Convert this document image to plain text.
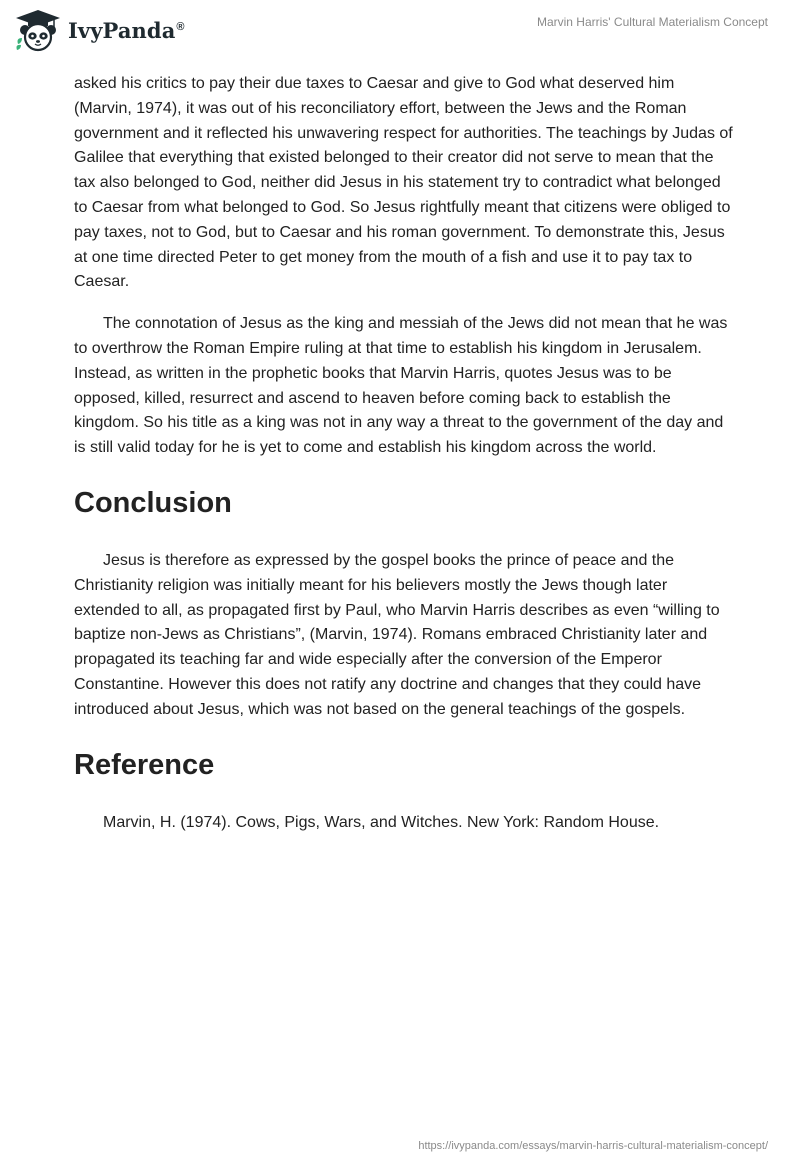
IvyPanda®	Marvin Harris' Cultural Materialism Concept

asked his critics to pay their due taxes to Caesar and give to God what deserved him (Marvin, 1974), it was out of his reconciliatory effort, between the Jews and the Roman government and it reflected his unwavering respect for authorities. The teachings by Judas of Galilee that everything that existed belonged to their creator did not serve to mean that the tax also belonged to God, neither did Jesus in his statement try to contradict what belonged to Caesar from what belonged to God. So Jesus rightfully meant that citizens were obliged to pay taxes, not to God, but to Caesar and his roman government. To demonstrate this, Jesus at one time directed Peter to get money from the mouth of a fish and use it to pay tax to Caesar.

The connotation of Jesus as the king and messiah of the Jews did not mean that he was to overthrow the Roman Empire ruling at that time to establish his kingdom in Jerusalem. Instead, as written in the prophetic books that Marvin Harris, quotes Jesus was to be opposed, killed, resurrect and ascend to heaven before coming back to establish the kingdom. So his title as a king was not in any way a threat to the government of the day and is still valid today for he is yet to come and establish his kingdom across the world.

Conclusion

Jesus is therefore as expressed by the gospel books the prince of peace and the Christianity religion was initially meant for his believers mostly the Jews though later extended to all, as propagated first by Paul, who Marvin Harris describes as even “willing to baptize non-Jews as Christians”, (Marvin, 1974). Romans embraced Christianity later and propagated its teaching far and wide especially after the conversion of the Emperor Constantine. However this does not ratify any doctrine and changes that they could have introduced about Jesus, which was not based on the general teachings of the gospels.

Reference
Marvin, H. (1974). Cows, Pigs, Wars, and Witches. New York: Random House.
https://ivypanda.com/essays/marvin-harris-cultural-materialism-concept/
